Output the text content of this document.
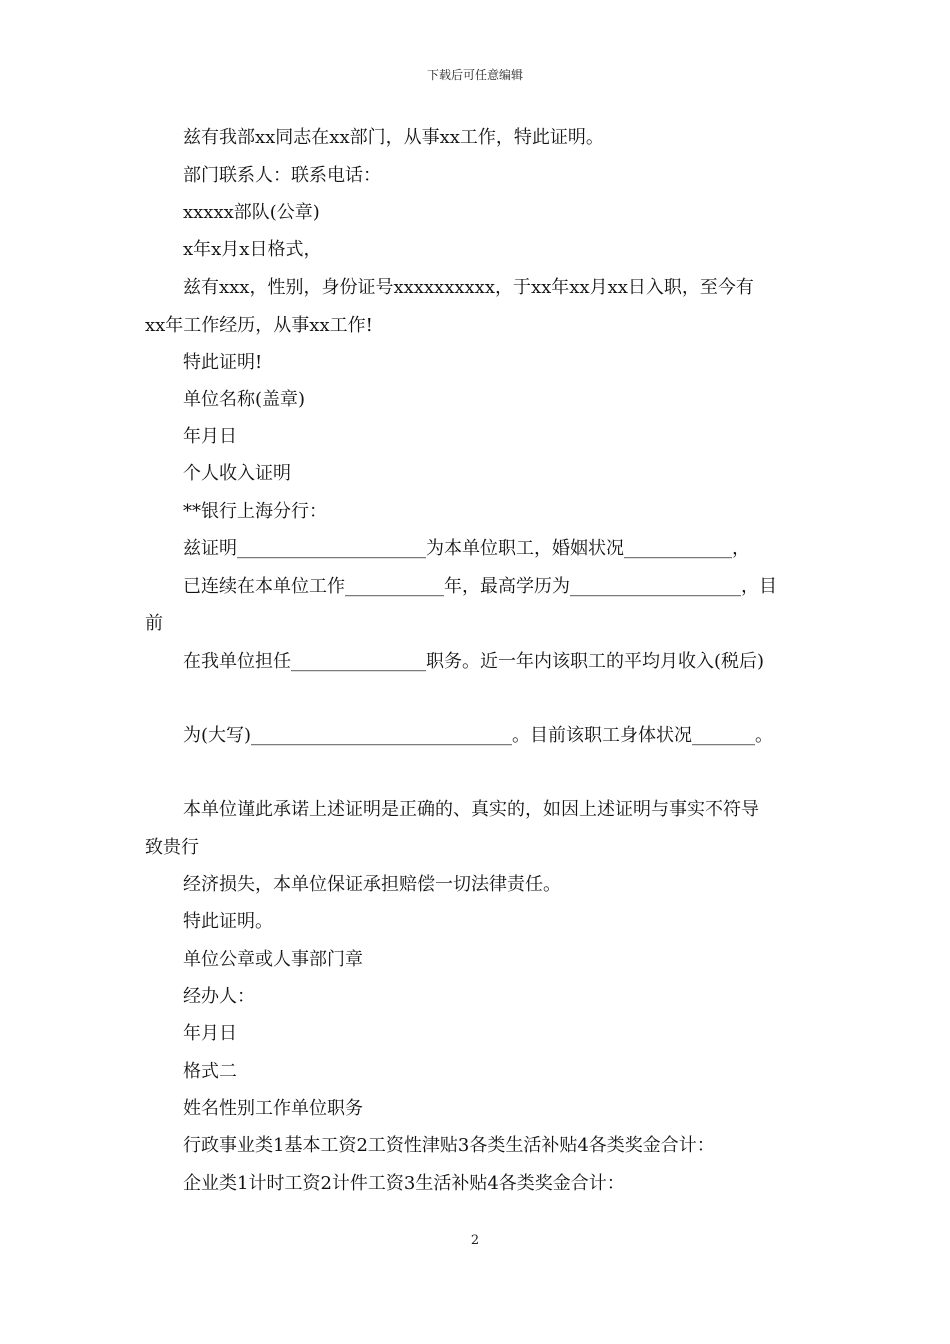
下载后可任意编辑
兹有我部xx同志在xx部门，从事xx工作，特此证明。
部门联系人：联系电话：
xxxxx部队(公章)
x年x月x日格式，
兹有xxx，性别，身份证号xxxxxxxxxx，于xx年xx月xx日入职，至今有
xx年工作经历，从事xx工作!
特此证明!
单位名称(盖章)
年月日
个人收入证明
**银行上海分行：
兹证明_____________________为本单位职工，婚姻状况____________，
已连续在本单位工作___________年，最高学历为___________________，目
前
在我单位担任_______________职务。近一年内该职工的平均月收入(税后)
为(大写)_____________________________。目前该职工身体状况_______。
本单位谨此承诺上述证明是正确的、真实的，如因上述证明与事实不符导
致贵行
经济损失，本单位保证承担赔偿一切法律责任。
特此证明。
单位公章或人事部门章
经办人：
年月日
格式二
姓名性别工作单位职务
行政事业类1基本工资2工资性津贴3各类生活补贴4各类奖金合计：
企业类1计时工资2计件工资3生活补贴4各类奖金合计：
2
